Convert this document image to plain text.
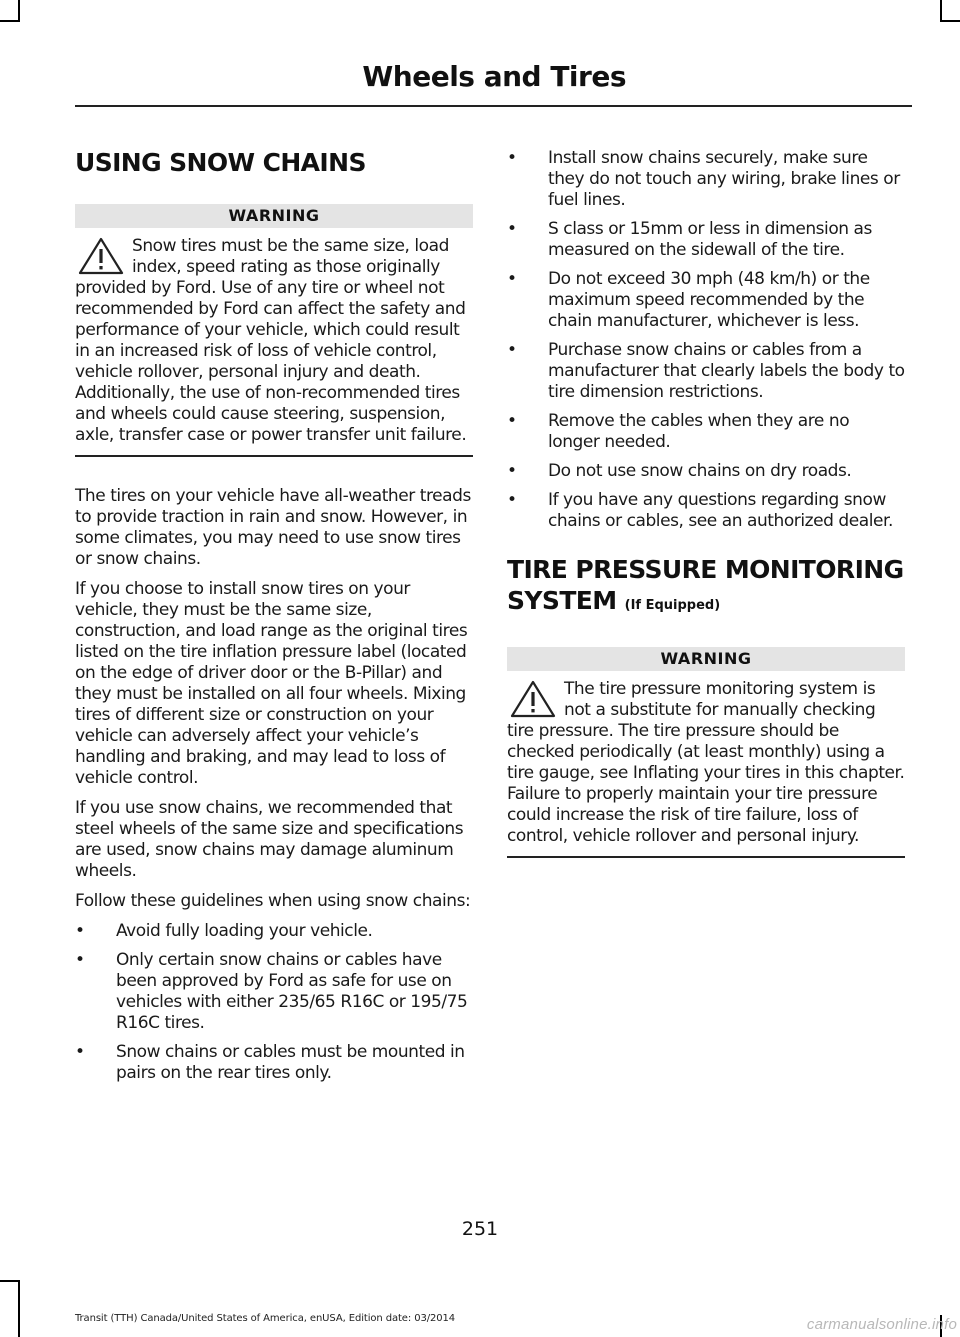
Wheels and Tires
USING SNOW CHAINS
WARNING
Snow tires must be the same size, load index, speed rating as those originally provided by Ford. Use of any tire or wheel not recommended by Ford can affect the safety and performance of your vehicle, which could result in an increased risk of loss of vehicle control, vehicle rollover, personal injury and death. Additionally, the use of non-recommended tires and wheels could cause steering, suspension, axle, transfer case or power transfer unit failure.

The tires on your vehicle have all-weather treads to provide traction in rain and snow. However, in some climates, you may need to use snow tires or snow chains.

If you choose to install snow tires on your vehicle, they must be the same size, construction, and load range as the original tires listed on the tire inflation pressure label (located on the edge of driver door or the B-Pillar) and they must be installed on all four wheels. Mixing tires of different size or construction on your vehicle can adversely affect your vehicle’s handling and braking, and may lead to loss of vehicle control.

If you use snow chains, we recommended that steel wheels of the same size and specifications are used, snow chains may damage aluminum wheels.

Follow these guidelines when using snow chains:

• Avoid fully loading your vehicle.
• Only certain snow chains or cables have been approved by Ford as safe for use on vehicles with either 235/65 R16C or 195/75 R16C tires.
• Snow chains or cables must be mounted in pairs on the rear tires only.
• Install snow chains securely, make sure they do not touch any wiring, brake lines or fuel lines.
• S class or 15mm or less in dimension as measured on the sidewall of the tire.
• Do not exceed 30 mph (48 km/h) or the maximum speed recommended by the chain manufacturer, whichever is less.
• Purchase snow chains or cables from a manufacturer that clearly labels the body to tire dimension restrictions.
• Remove the cables when they are no longer needed.
• Do not use snow chains on dry roads.
• If you have any questions regarding snow chains or cables, see an authorized dealer.
TIRE PRESSURE MONITORING SYSTEM (If Equipped)
WARNING
The tire pressure monitoring system is not a substitute for manually checking tire pressure. The tire pressure should be checked periodically (at least monthly) using a tire gauge, see Inflating your tires in this chapter. Failure to properly maintain your tire pressure could increase the risk of tire failure, loss of control, vehicle rollover and personal injury.
251
Transit (TTH) Canada/United States of America, enUSA, Edition date: 03/2014	carmanualsonline.info
